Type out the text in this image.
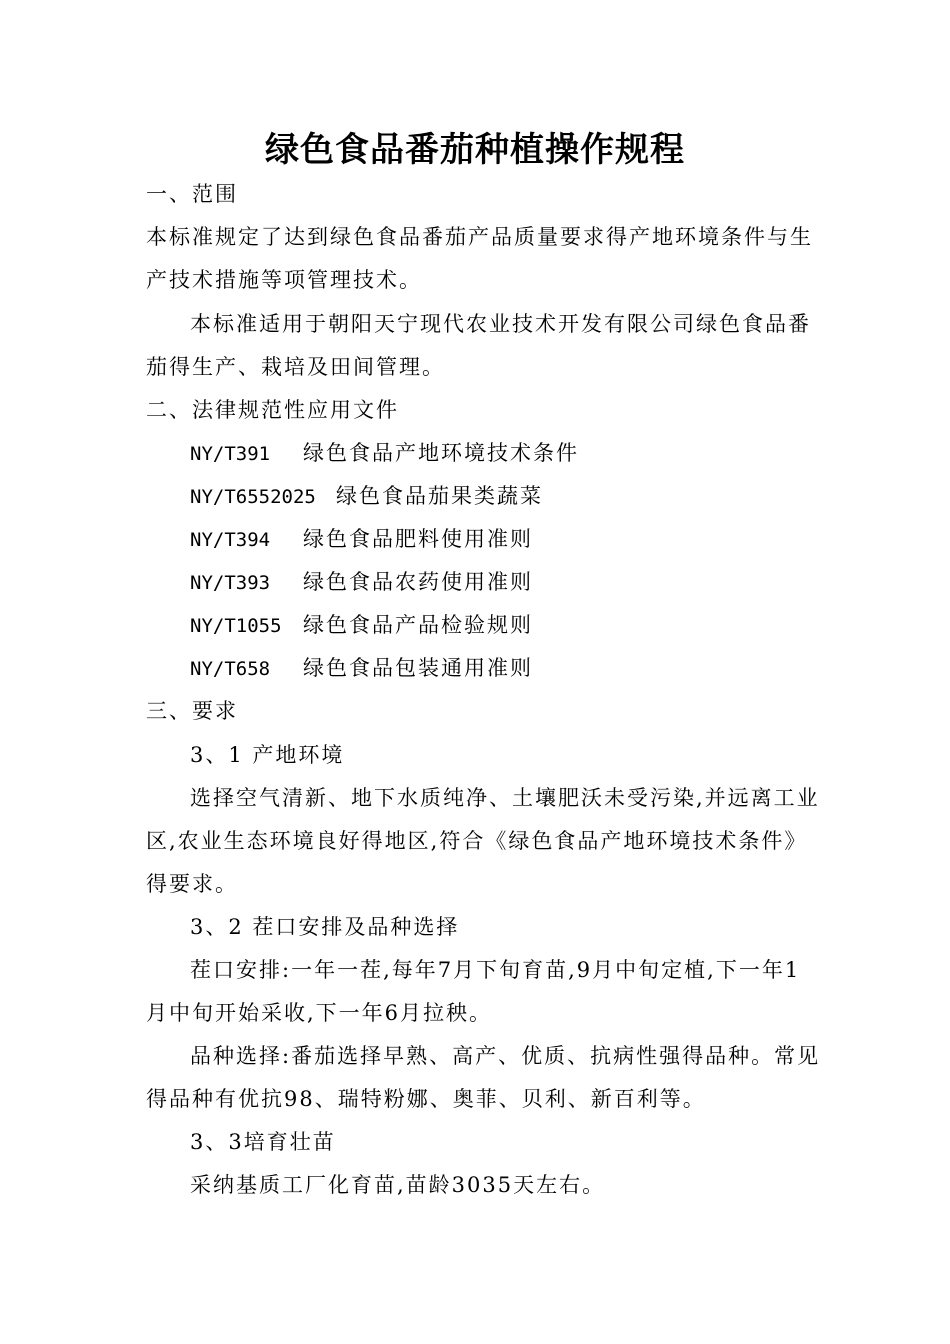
绿色食品番茄种植操作规程
一、范围
本标准规定了达到绿色食品番茄产品质量要求得产地环境条件与生
产技术措施等项管理技术。
本标准适用于朝阳天宁现代农业技术开发有限公司绿色食品番
茄得生产、栽培及田间管理。
二、法律规范性应用文件
NY/T391 绿色食品产地环境技术条件
NY/T6552025 绿色食品茄果类蔬菜
NY/T394 绿色食品肥料使用准则
NY/T393 绿色食品农药使用准则
NY/T1055 绿色食品产品检验规则
NY/T658 绿色食品包装通用准则
三、要求
3、1 产地环境
选择空气清新、地下水质纯净、土壤肥沃未受污染,并远离工业
区,农业生态环境良好得地区,符合《绿色食品产地环境技术条件》
得要求。
3、2 茬口安排及品种选择
茬口安排:一年一茬,每年7月下旬育苗,9月中旬定植,下一年1
月中旬开始采收,下一年6月拉秧。
品种选择:番茄选择早熟、高产、优质、抗病性强得品种。常见
得品种有优抗98、瑞特粉娜、奥菲、贝利、新百利等。
3、3培育壮苗
采纳基质工厂化育苗,苗龄3035天左右。
